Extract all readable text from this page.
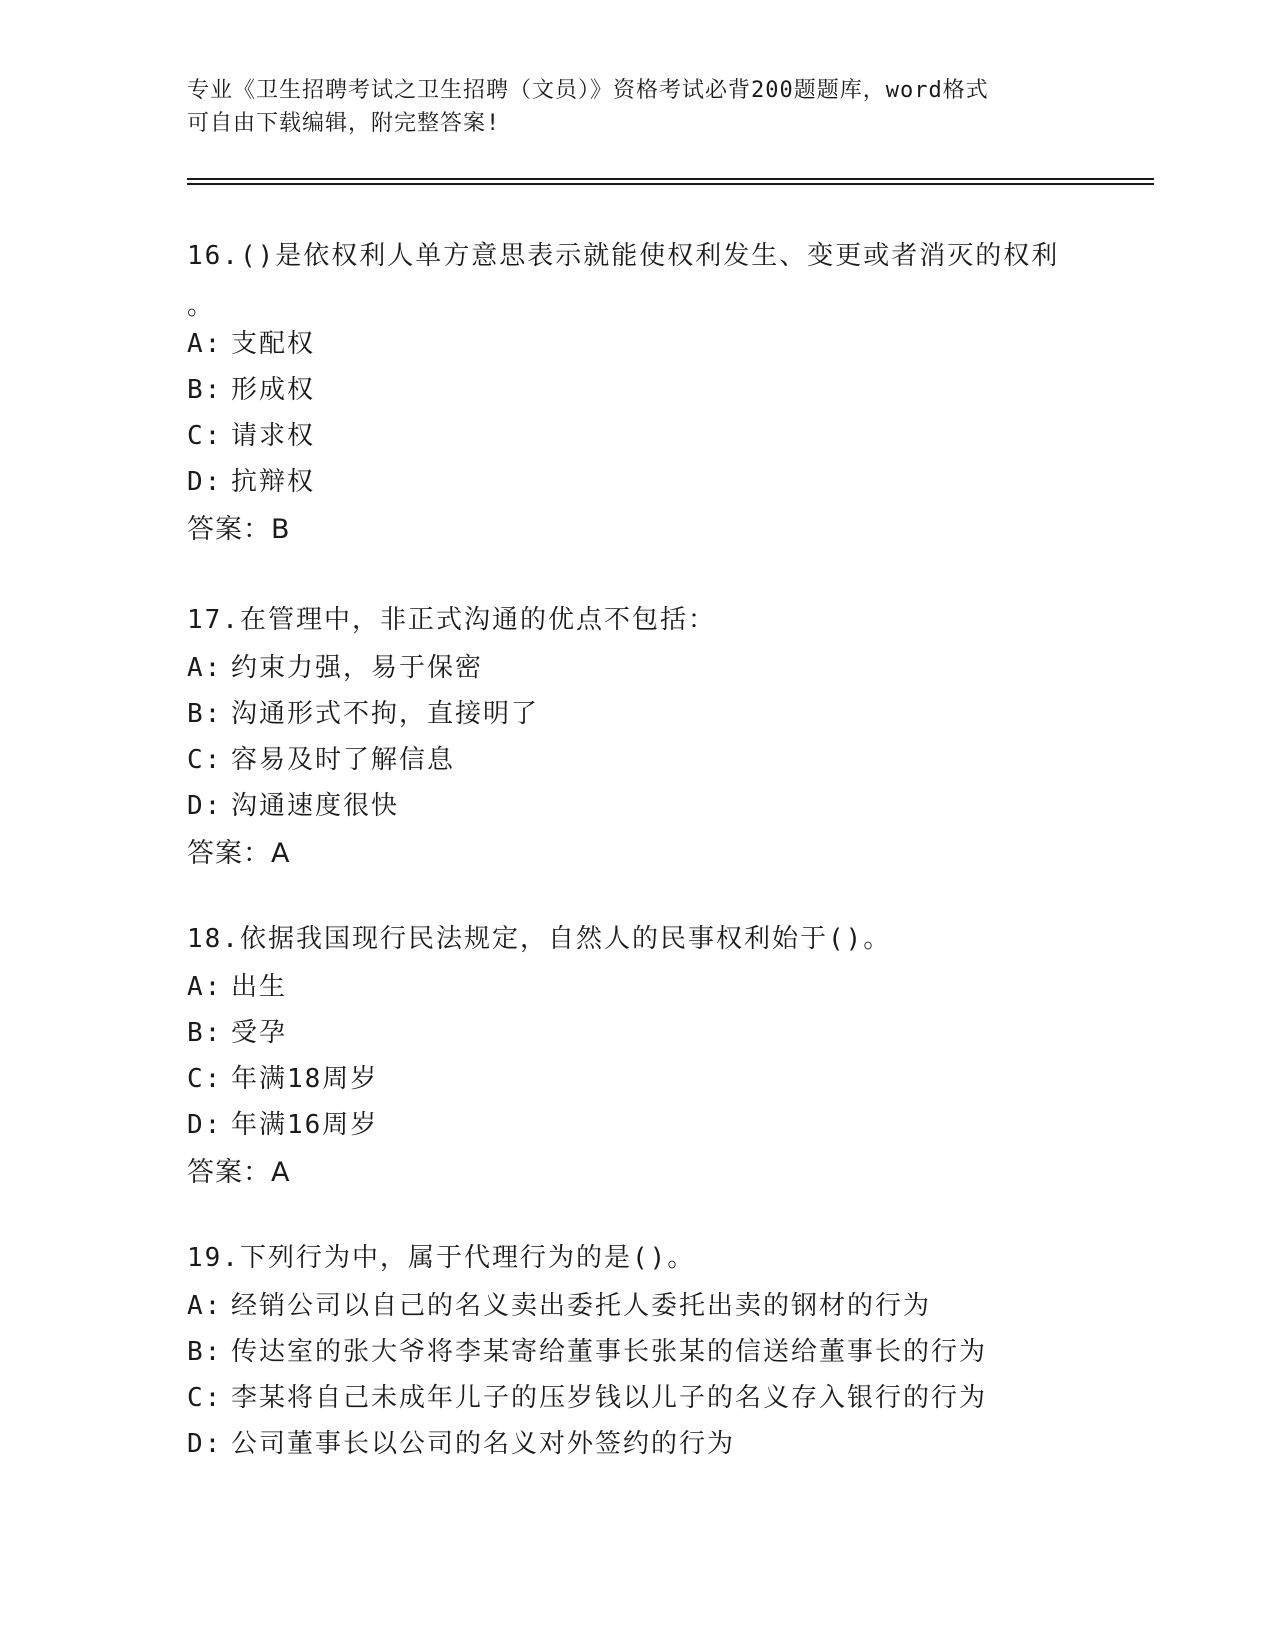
专业《卫生招聘考试之卫生招聘（文员）》资格考试必背200题题库，word格式
可自由下载编辑，附完整答案!
16.()是依权利人单方意思表示就能使权利发生、变更或者消灭的权利
。
A: 支配权
B: 形成权
C: 请求权
D: 抗辩权
答案：B
17.在管理中，非正式沟通的优点不包括：
A: 约束力强，易于保密
B: 沟通形式不拘，直接明了
C: 容易及时了解信息
D: 沟通速度很快
答案：A
18.依据我国现行民法规定，自然人的民事权利始于()。
A: 出生
B: 受孕
C: 年满18周岁
D: 年满16周岁
答案：A
19.下列行为中，属于代理行为的是()。
A: 经销公司以自己的名义卖出委托人委托出卖的钢材的行为
B: 传达室的张大爷将李某寄给董事长张某的信送给董事长的行为
C: 李某将自己未成年儿子的压岁钱以儿子的名义存入银行的行为
D: 公司董事长以公司的名义对外签约的行为
